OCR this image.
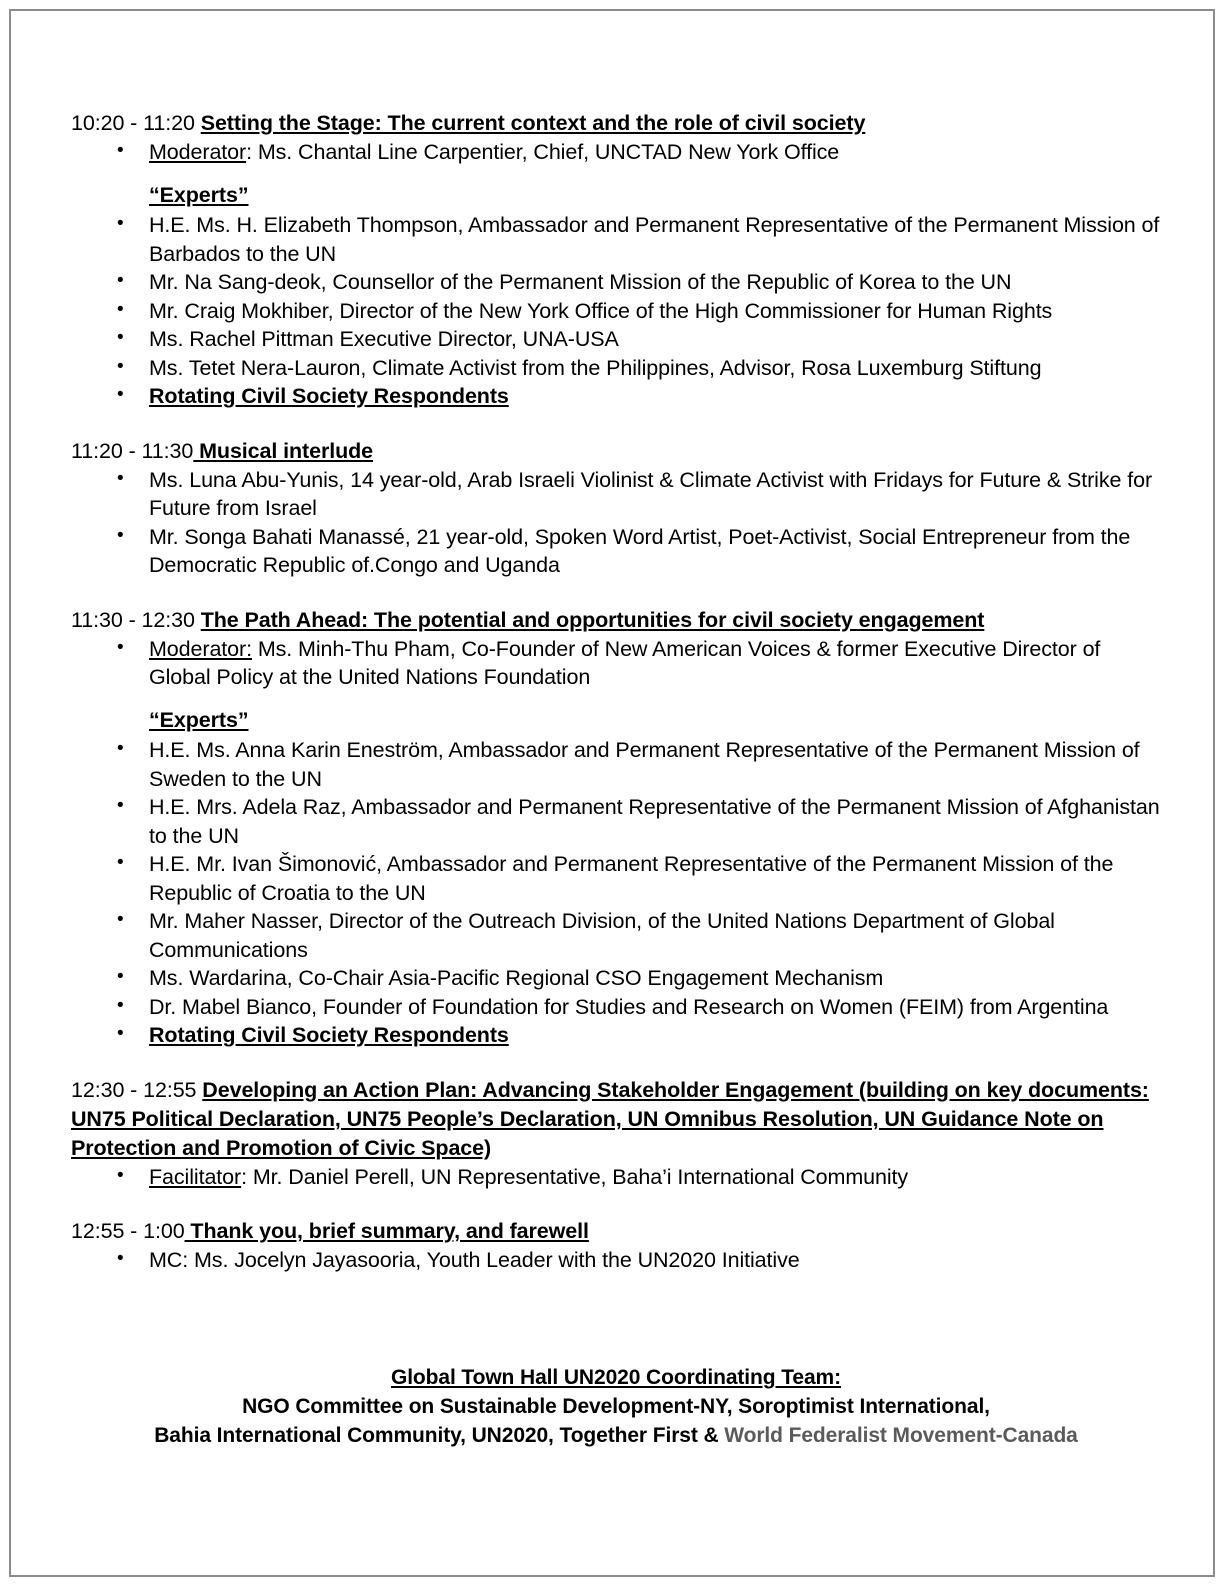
10:20 - 11:20 Setting the Stage: The current context and the role of civil society

• Moderator: Ms. Chantal Line Carpentier, Chief, UNCTAD New York Office
“Experts”
• H.E. Ms. H. Elizabeth Thompson, Ambassador and Permanent Representative of the Permanent Mission of Barbados to the UN
• Mr. Na Sang-deok, Counsellor of the Permanent Mission of the Republic of Korea to the UN
• Mr. Craig Mokhiber, Director of the New York Office of the High Commissioner for Human Rights
• Ms. Rachel Pittman Executive Director, UNA-USA
• Ms. Tetet Nera-Lauron, Climate Activist from the Philippines, Advisor, Rosa Luxemburg Stiftung
• Rotating Civil Society Respondents

11:20 - 11:30 Musical interlude

• Ms. Luna Abu-Yunis, 14 year-old, Arab Israeli Violinist & Climate Activist with Fridays for Future & Strike for Future from Israel
• Mr. Songa Bahati Manassé, 21 year-old, Spoken Word Artist, Poet-Activist, Social Entrepreneur from the Democratic Republic of.Congo and Uganda

11:30 - 12:30 The Path Ahead: The potential and opportunities for civil society engagement

• Moderator: Ms. Minh-Thu Pham, Co-Founder of New American Voices & former Executive Director of Global Policy at the United Nations Foundation
“Experts”
• H.E. Ms. Anna Karin Eneström, Ambassador and Permanent Representative of the Permanent Mission of Sweden to the UN
• H.E. Mrs. Adela Raz, Ambassador and Permanent Representative of the Permanent Mission of Afghanistan to the UN
• H.E. Mr. Ivan Šimonović, Ambassador and Permanent Representative of the Permanent Mission of the Republic of Croatia to the UN
• Mr. Maher Nasser, Director of the Outreach Division, of the United Nations Department of Global Communications
• Ms. Wardarina, Co-Chair Asia-Pacific Regional CSO Engagement Mechanism
• Dr. Mabel Bianco, Founder of Foundation for Studies and Research on Women (FEIM) from Argentina
• Rotating Civil Society Respondents

12:30 - 12:55 Developing an Action Plan: Advancing Stakeholder Engagement (building on key documents: UN75 Political Declaration, UN75 People’s Declaration, UN Omnibus Resolution, UN Guidance Note on Protection and Promotion of Civic Space)

• Facilitator: Mr. Daniel Perell, UN Representative, Baha’i International Community

12:55 - 1:00 Thank you, brief summary, and farewell

• MC: Ms. Jocelyn Jayasooria, Youth Leader with the UN2020 Initiative
Global Town Hall UN2020 Coordinating Team:
NGO Committee on Sustainable Development-NY, Soroptimist International,
Bahia International Community, UN2020, Together First & World Federalist Movement-Canada
